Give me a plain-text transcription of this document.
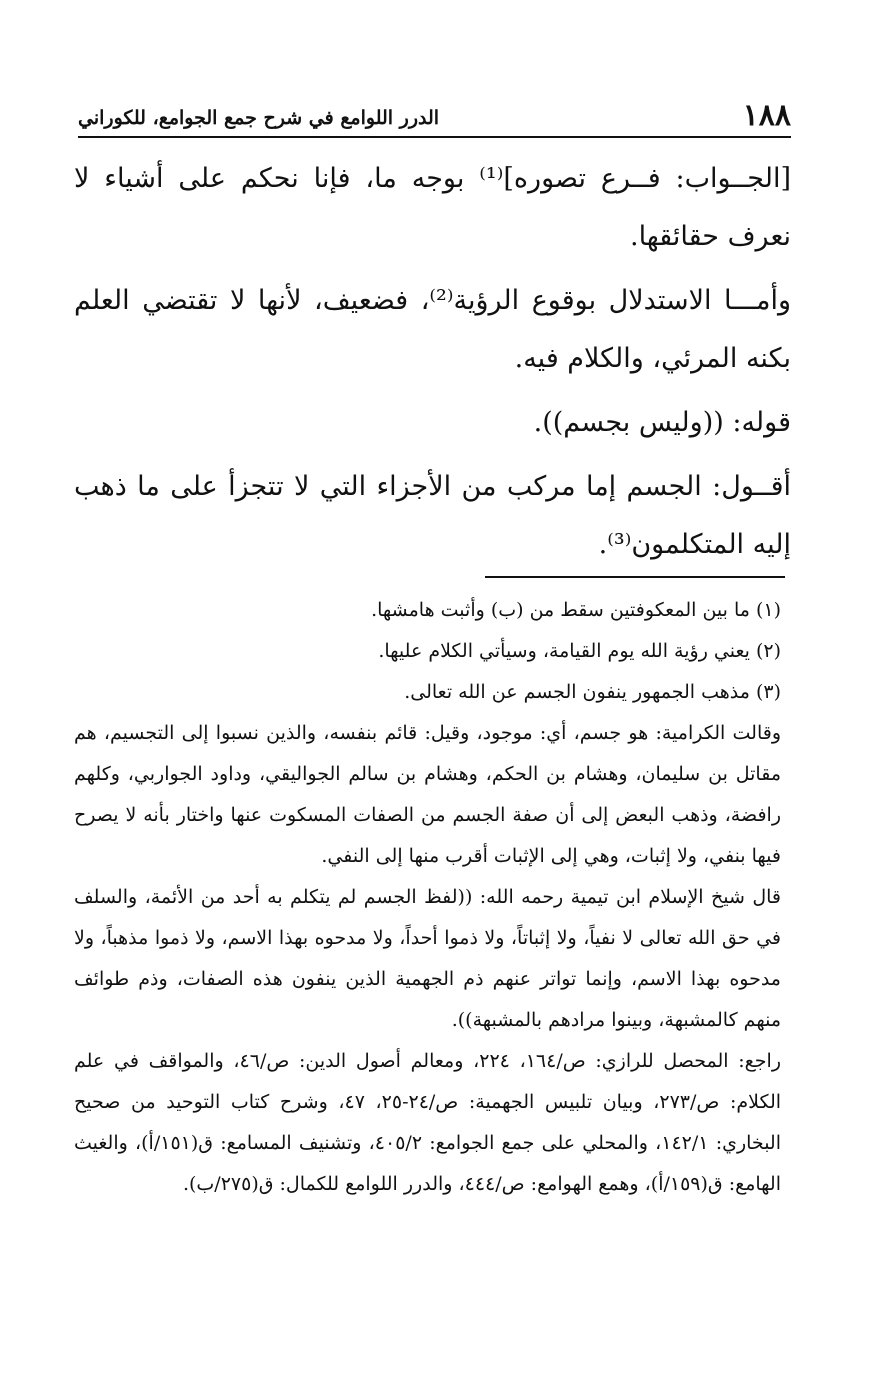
١٨٨
الدرر اللوامع في شرح جمع الجوامع، للكوراني

[الجــواب: فــرع تصوره]⁽¹⁾ بوجه ما، فإنا نحكم على أشياء لا نعرف حقائقها.

وأمـــا الاستدلال بوقوع الرؤية⁽²⁾، فضعيف، لأنها لا تقتضي العلم بكنه المرئي، والكلام فيه.

قوله: ((وليس بجسم)).

أقــول: الجسم إما مركب من الأجزاء التي لا تتجزأ على ما ذهب إليه المتكلمون⁽³⁾.

(١)ما بين المعكوفتين سقط من (ب) وأثبت هامشها.

(٢)يعني رؤية الله يوم القيامة، وسيأتي الكلام عليها.

(٣)مذهب الجمهور ينفون الجسم عن الله تعالى.

وقالت الكرامية: هو جسم، أي: موجود، وقيل: قائم بنفسه، والذين نسبوا إلى التجسيم، هم مقاتل بن سليمان، وهشام بن الحكم، وهشام بن سالم الجواليقي، وداود الجواربي، وكلهم رافضة، وذهب البعض إلى أن صفة الجسم من الصفات المسكوت عنها واختار بأنه لا يصرح فيها بنفي، ولا إثبات، وهي إلى الإثبات أقرب منها إلى النفي.

قال شيخ الإسلام ابن تيمية رحمه الله: ((لفظ الجسم لم يتكلم به أحد من الأئمة، والسلف في حق الله تعالى لا نفياً، ولا إثباتاً، ولا ذموا أحداً، ولا مدحوه بهذا الاسم، ولا ذموا مذهباً، ولا مدحوه بهذا الاسم، وإنما تواتر عنهم ذم الجهمية الذين ينفون هذه الصفات، وذم طوائف منهم كالمشبهة، وبينوا مرادهم بالمشبهة)).

راجع: المحصل للرازي: ص/١٦٤، ٢٢٤، ومعالم أصول الدين: ص/٤٦، والمواقف في علم الكلام: ص/٢٧٣، وبيان تلبيس الجهمية: ص/٢٤-٢٥، ٤٧، وشرح كتاب التوحيد من صحيح البخاري: ١٤٢/١، والمحلي على جمع الجوامع: ٤٠٥/٢، وتشنيف المسامع: ق(١٥١/أ)، والغيث الهامع: ق(١٥٩/أ)، وهمع الهوامع: ص/٤٤٤، والدرر اللوامع للكمال: ق(٢٧٥/ب).
